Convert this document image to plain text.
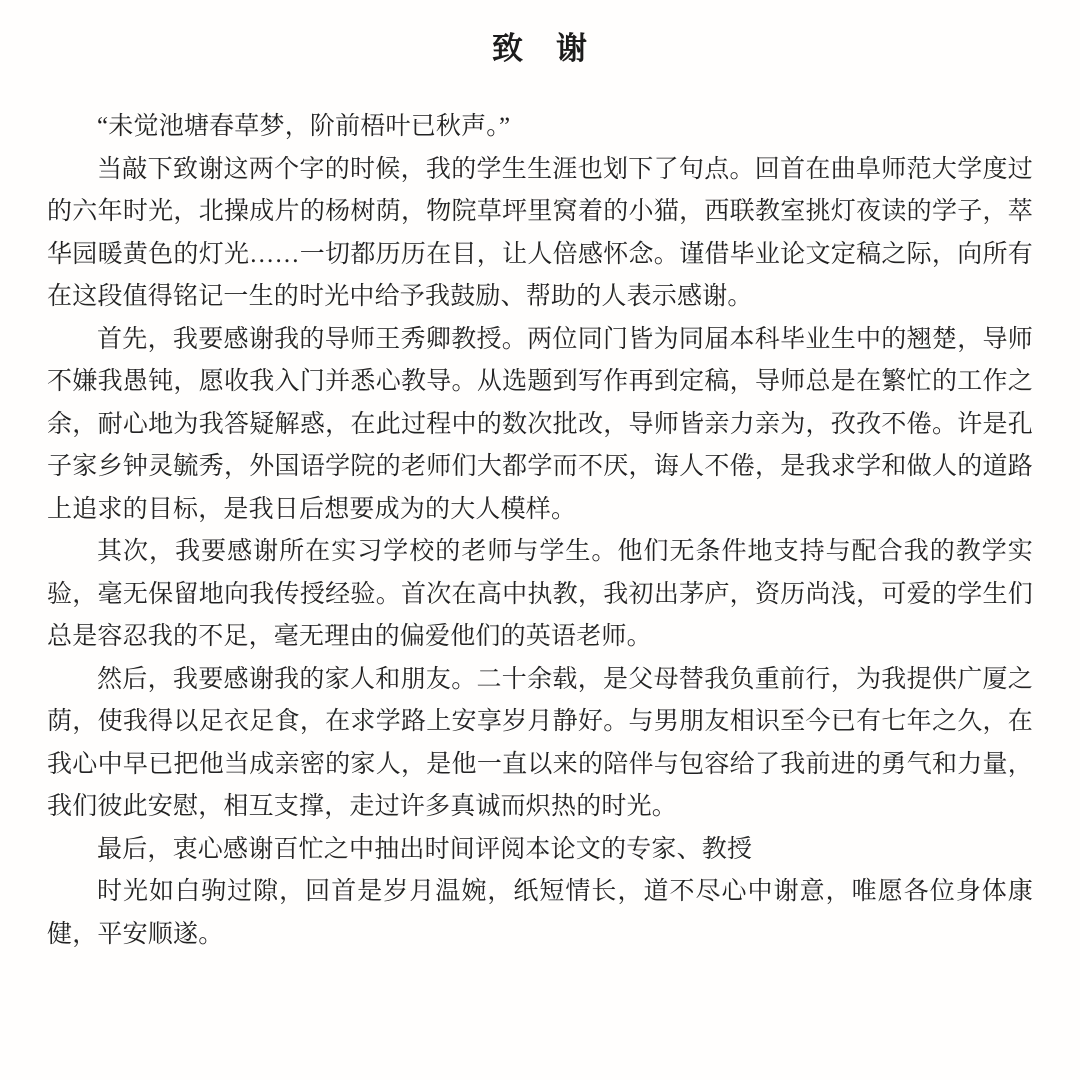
致　谢

“未觉池塘春草梦，阶前梧叶已秋声。”

当敲下致谢这两个字的时候，我的学生生涯也划下了句点。回首在曲阜师范大学度过的六年时光，北操成片的杨树荫，物院草坪里窝着的小猫，西联教室挑灯夜读的学子，萃华园暖黄色的灯光……一切都历历在目，让人倍感怀念。谨借毕业论文定稿之际，向所有在这段值得铭记一生的时光中给予我鼓励、帮助的人表示感谢。

首先，我要感谢我的导师王秀卿教授。两位同门皆为同届本科毕业生中的翘楚，导师不嫌我愚钝，愿收我入门并悉心教导。从选题到写作再到定稿，导师总是在繁忙的工作之余，耐心地为我答疑解惑，在此过程中的数次批改，导师皆亲力亲为，孜孜不倦。许是孔子家乡钟灵毓秀，外国语学院的老师们大都学而不厌，诲人不倦，是我求学和做人的道路上追求的目标，是我日后想要成为的大人模样。

其次，我要感谢所在实习学校的老师与学生。他们无条件地支持与配合我的教学实验，毫无保留地向我传授经验。首次在高中执教，我初出茅庐，资历尚浅，可爱的学生们总是容忍我的不足，毫无理由的偏爱他们的英语老师。

然后，我要感谢我的家人和朋友。二十余载，是父母替我负重前行，为我提供广厦之荫，使我得以足衣足食，在求学路上安享岁月静好。与男朋友相识至今已有七年之久，在我心中早已把他当成亲密的家人，是他一直以来的陪伴与包容给了我前进的勇气和力量，我们彼此安慰，相互支撑，走过许多真诚而炽热的时光。

最后，衷心感谢百忙之中抽出时间评阅本论文的专家、教授

时光如白驹过隙，回首是岁月温婉，纸短情长，道不尽心中谢意，唯愿各位身体康健，平安顺遂。
